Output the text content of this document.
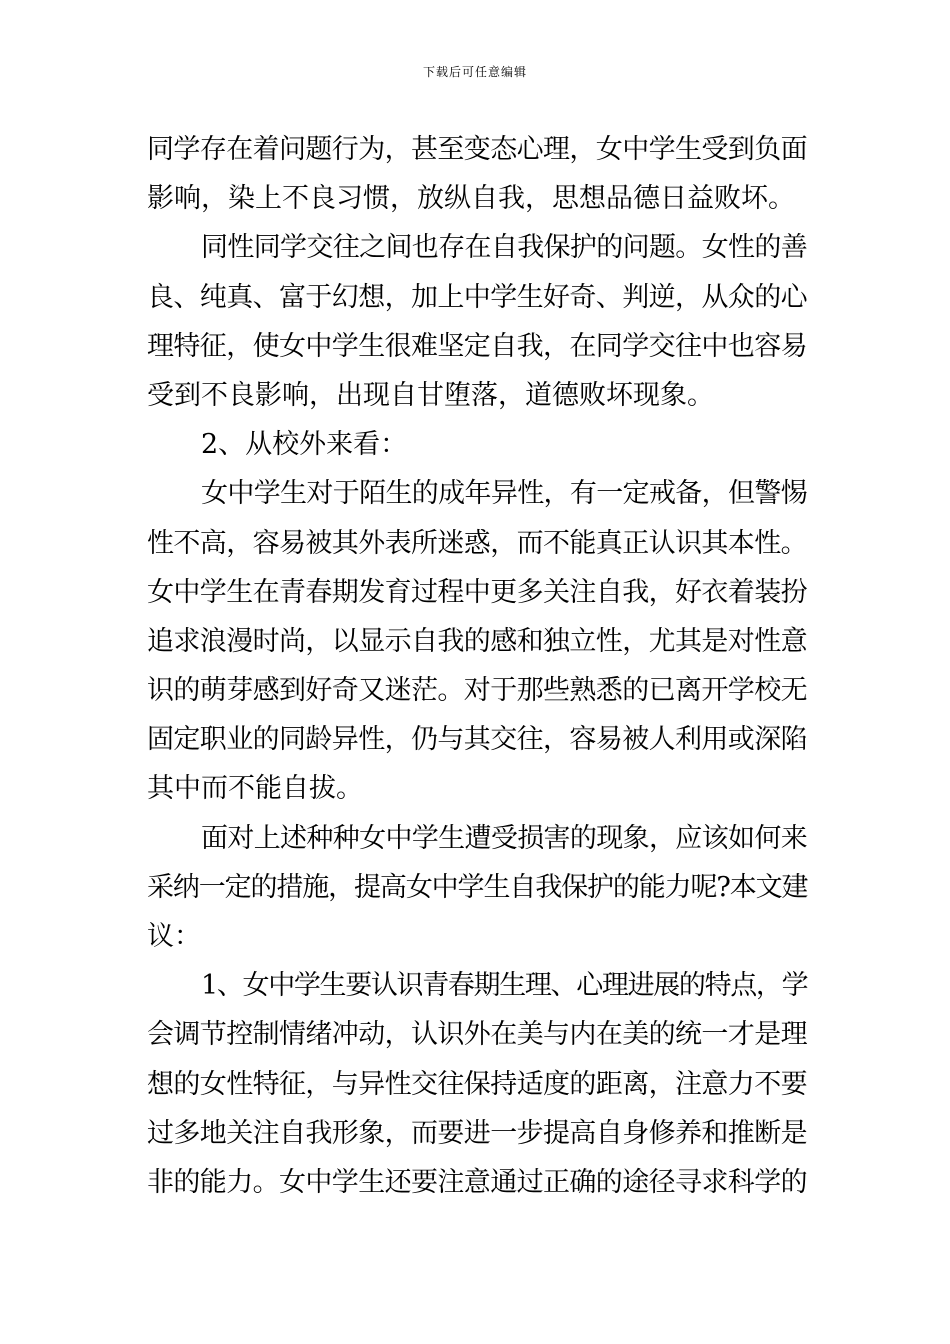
下载后可任意编辑
同学存在着问题行为，甚至变态心理，女中学生受到负面
影响，染上不良习惯，放纵自我，思想品德日益败坏。
同性同学交往之间也存在自我保护的问题。女性的善
良、纯真、富于幻想，加上中学生好奇、判逆，从众的心
理特征，使女中学生很难坚定自我，在同学交往中也容易
受到不良影响，出现自甘堕落，道德败坏现象。
2、从校外来看：
女中学生对于陌生的成年异性，有一定戒备，但警惕
性不高，容易被其外表所迷惑，而不能真正认识其本性。
女中学生在青春期发育过程中更多关注自我，好衣着装扮
追求浪漫时尚，以显示自我的感和独立性，尤其是对性意
识的萌芽感到好奇又迷茫。对于那些熟悉的已离开学校无
固定职业的同龄异性，仍与其交往，容易被人利用或深陷
其中而不能自拔。
面对上述种种女中学生遭受损害的现象，应该如何来
采纳一定的措施，提高女中学生自我保护的能力呢?本文建
议：
1、女中学生要认识青春期生理、心理进展的特点，学
会调节控制情绪冲动，认识外在美与内在美的统一才是理
想的女性特征，与异性交往保持适度的距离，注意力不要
过多地关注自我形象，而要进一步提高自身修养和推断是
非的能力。女中学生还要注意通过正确的途径寻求科学的
